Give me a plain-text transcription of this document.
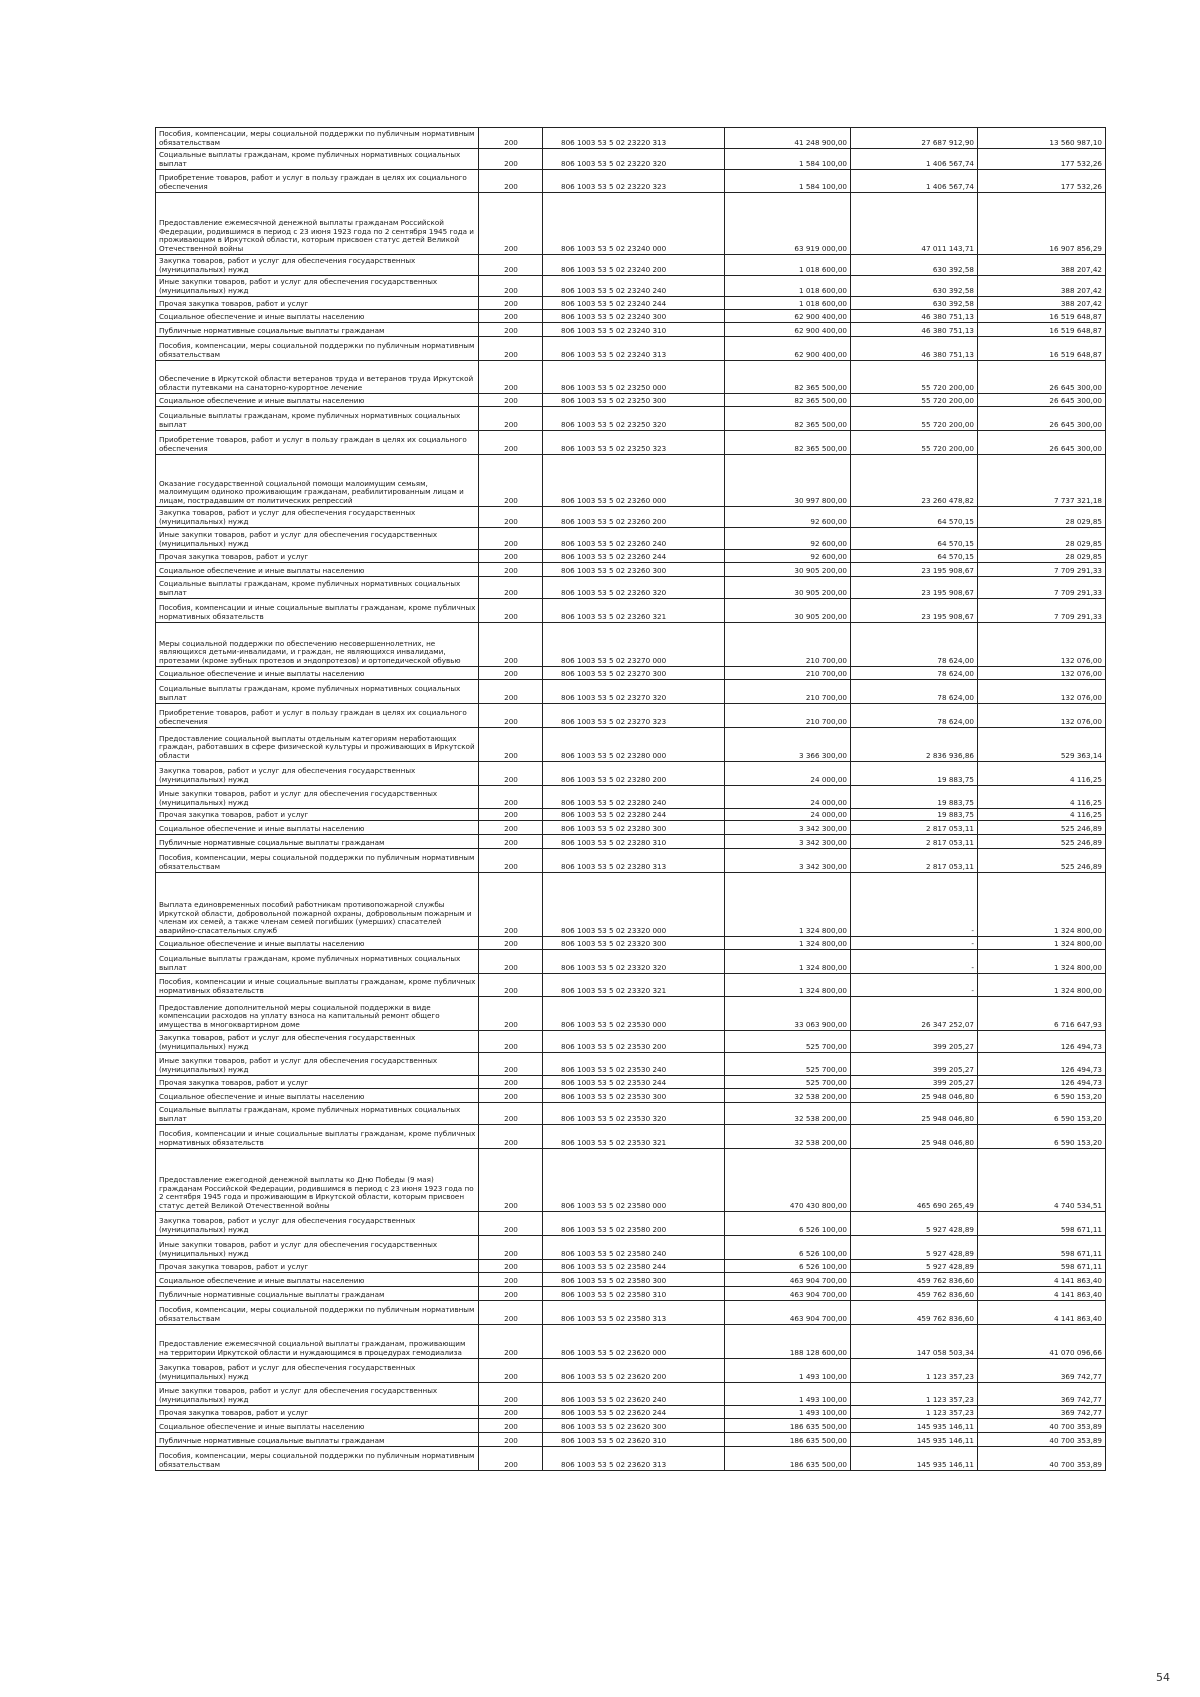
Пособия, компенсации, меры социальной поддержки по публичным нормативным обязательствам	200	806 1003 53 5 02 23220 313	41 248 900,00	27 687 912,90	13 560 987,10
Социальные выплаты гражданам, кроме публичных нормативных социальных выплат	200	806 1003 53 5 02 23220 320	1 584 100,00	1 406 567,74	177 532,26
Приобретение товаров, работ и услуг в пользу граждан в целях их социального обеспечения	200	806 1003 53 5 02 23220 323	1 584 100,00	1 406 567,74	177 532,26
Предоставление ежемесячной денежной выплаты гражданам Российской Федерации, родившимся в период с 23 июня 1923 года по 2 сентября 1945 года и проживающим в Иркутской области, которым присвоен статус детей Великой Отечественной войны	200	806 1003 53 5 02 23240 000	63 919 000,00	47 011 143,71	16 907 856,29
Закупка товаров, работ и услуг для обеспечения государственных (муниципальных) нужд	200	806 1003 53 5 02 23240 200	1 018 600,00	630 392,58	388 207,42
Иные закупки товаров, работ и услуг для обеспечения государственных (муниципальных) нужд	200	806 1003 53 5 02 23240 240	1 018 600,00	630 392,58	388 207,42
Прочая закупка товаров, работ и услуг	200	806 1003 53 5 02 23240 244	1 018 600,00	630 392,58	388 207,42
Социальное обеспечение и иные выплаты населению	200	806 1003 53 5 02 23240 300	62 900 400,00	46 380 751,13	16 519 648,87
Публичные нормативные социальные выплаты гражданам	200	806 1003 53 5 02 23240 310	62 900 400,00	46 380 751,13	16 519 648,87
Пособия, компенсации, меры социальной поддержки по публичным нормативным обязательствам	200	806 1003 53 5 02 23240 313	62 900 400,00	46 380 751,13	16 519 648,87
Обеспечение в Иркутской области ветеранов труда и ветеранов труда Иркутской области путевками на санаторно-курортное лечение	200	806 1003 53 5 02 23250 000	82 365 500,00	55 720 200,00	26 645 300,00
Социальное обеспечение и иные выплаты населению	200	806 1003 53 5 02 23250 300	82 365 500,00	55 720 200,00	26 645 300,00
Социальные выплаты гражданам, кроме публичных нормативных социальных выплат	200	806 1003 53 5 02 23250 320	82 365 500,00	55 720 200,00	26 645 300,00
Приобретение товаров, работ и услуг в пользу граждан в целях их социального обеспечения	200	806 1003 53 5 02 23250 323	82 365 500,00	55 720 200,00	26 645 300,00
Оказание государственной социальной помощи малоимущим семьям, малоимущим одиноко проживающим гражданам, реабилитированным лицам и лицам, пострадавшим от политических репрессий	200	806 1003 53 5 02 23260 000	30 997 800,00	23 260 478,82	7 737 321,18
Закупка товаров, работ и услуг для обеспечения государственных (муниципальных) нужд	200	806 1003 53 5 02 23260 200	92 600,00	64 570,15	28 029,85
Иные закупки товаров, работ и услуг для обеспечения государственных (муниципальных) нужд	200	806 1003 53 5 02 23260 240	92 600,00	64 570,15	28 029,85
Прочая закупка товаров, работ и услуг	200	806 1003 53 5 02 23260 244	92 600,00	64 570,15	28 029,85
Социальное обеспечение и иные выплаты населению	200	806 1003 53 5 02 23260 300	30 905 200,00	23 195 908,67	7 709 291,33
Социальные выплаты гражданам, кроме публичных нормативных социальных выплат	200	806 1003 53 5 02 23260 320	30 905 200,00	23 195 908,67	7 709 291,33
Пособия, компенсации и иные социальные выплаты гражданам, кроме публичных нормативных обязательств	200	806 1003 53 5 02 23260 321	30 905 200,00	23 195 908,67	7 709 291,33
Меры социальной поддержки по обеспечению несовершеннолетних, не являющихся детьми-инвалидами, и граждан, не являющихся инвалидами, протезами (кроме зубных протезов и эндопротезов) и ортопедической обувью	200	806 1003 53 5 02 23270 000	210 700,00	78 624,00	132 076,00
Социальное обеспечение и иные выплаты населению	200	806 1003 53 5 02 23270 300	210 700,00	78 624,00	132 076,00
Социальные выплаты гражданам, кроме публичных нормативных социальных выплат	200	806 1003 53 5 02 23270 320	210 700,00	78 624,00	132 076,00
Приобретение товаров, работ и услуг в пользу граждан в целях их социального обеспечения	200	806 1003 53 5 02 23270 323	210 700,00	78 624,00	132 076,00
Предоставление социальной выплаты отдельным категориям неработающих граждан, работавших в сфере физической культуры и проживающих в Иркутской области	200	806 1003 53 5 02 23280 000	3 366 300,00	2 836 936,86	529 363,14
Закупка товаров, работ и услуг для обеспечения государственных (муниципальных) нужд	200	806 1003 53 5 02 23280 200	24 000,00	19 883,75	4 116,25
Иные закупки товаров, работ и услуг для обеспечения государственных (муниципальных) нужд	200	806 1003 53 5 02 23280 240	24 000,00	19 883,75	4 116,25
Прочая закупка товаров, работ и услуг	200	806 1003 53 5 02 23280 244	24 000,00	19 883,75	4 116,25
Социальное обеспечение и иные выплаты населению	200	806 1003 53 5 02 23280 300	3 342 300,00	2 817 053,11	525 246,89
Публичные нормативные социальные выплаты гражданам	200	806 1003 53 5 02 23280 310	3 342 300,00	2 817 053,11	525 246,89
Пособия, компенсации, меры социальной поддержки по публичным нормативным обязательствам	200	806 1003 53 5 02 23280 313	3 342 300,00	2 817 053,11	525 246,89
Выплата единовременных пособий работникам противопожарной службы Иркутской области, добровольной пожарной охраны, добровольным пожарным и членам их семей, а также членам семей погибших (умерших) спасателей аварийно-спасательных служб	200	806 1003 53 5 02 23320 000	1 324 800,00	-	1 324 800,00
Социальное обеспечение и иные выплаты населению	200	806 1003 53 5 02 23320 300	1 324 800,00	-	1 324 800,00
Социальные выплаты гражданам, кроме публичных нормативных социальных выплат	200	806 1003 53 5 02 23320 320	1 324 800,00	-	1 324 800,00
Пособия, компенсации и иные социальные выплаты гражданам, кроме публичных нормативных обязательств	200	806 1003 53 5 02 23320 321	1 324 800,00	-	1 324 800,00
Предоставление дополнительной меры социальной поддержки в виде компенсации расходов на уплату взноса на капитальный ремонт общего имущества в многоквартирном доме	200	806 1003 53 5 02 23530 000	33 063 900,00	26 347 252,07	6 716 647,93
Закупка товаров, работ и услуг для обеспечения государственных (муниципальных) нужд	200	806 1003 53 5 02 23530 200	525 700,00	399 205,27	126 494,73
Иные закупки товаров, работ и услуг для обеспечения государственных (муниципальных) нужд	200	806 1003 53 5 02 23530 240	525 700,00	399 205,27	126 494,73
Прочая закупка товаров, работ и услуг	200	806 1003 53 5 02 23530 244	525 700,00	399 205,27	126 494,73
Социальное обеспечение и иные выплаты населению	200	806 1003 53 5 02 23530 300	32 538 200,00	25 948 046,80	6 590 153,20
Социальные выплаты гражданам, кроме публичных нормативных социальных выплат	200	806 1003 53 5 02 23530 320	32 538 200,00	25 948 046,80	6 590 153,20
Пособия, компенсации и иные социальные выплаты гражданам, кроме публичных нормативных обязательств	200	806 1003 53 5 02 23530 321	32 538 200,00	25 948 046,80	6 590 153,20
Предоставление ежегодной денежной выплаты ко Дню Победы (9 мая) гражданам Российской Федерации, родившимся в период с 23 июня 1923 года по 2 сентября 1945 года и проживающим в Иркутской области, которым присвоен статус детей Великой Отечественной войны	200	806 1003 53 5 02 23580 000	470 430 800,00	465 690 265,49	4 740 534,51
Закупка товаров, работ и услуг для обеспечения государственных (муниципальных) нужд	200	806 1003 53 5 02 23580 200	6 526 100,00	5 927 428,89	598 671,11
Иные закупки товаров, работ и услуг для обеспечения государственных (муниципальных) нужд	200	806 1003 53 5 02 23580 240	6 526 100,00	5 927 428,89	598 671,11
Прочая закупка товаров, работ и услуг	200	806 1003 53 5 02 23580 244	6 526 100,00	5 927 428,89	598 671,11
Социальное обеспечение и иные выплаты населению	200	806 1003 53 5 02 23580 300	463 904 700,00	459 762 836,60	4 141 863,40
Публичные нормативные социальные выплаты гражданам	200	806 1003 53 5 02 23580 310	463 904 700,00	459 762 836,60	4 141 863,40
Пособия, компенсации, меры социальной поддержки по публичным нормативным обязательствам	200	806 1003 53 5 02 23580 313	463 904 700,00	459 762 836,60	4 141 863,40
Предоставление ежемесячной социальной выплаты гражданам, проживающим на территории Иркутской области и нуждающимся в процедурах гемодиализа	200	806 1003 53 5 02 23620 000	188 128 600,00	147 058 503,34	41 070 096,66
Закупка товаров, работ и услуг для обеспечения государственных (муниципальных) нужд	200	806 1003 53 5 02 23620 200	1 493 100,00	1 123 357,23	369 742,77
Иные закупки товаров, работ и услуг для обеспечения государственных (муниципальных) нужд	200	806 1003 53 5 02 23620 240	1 493 100,00	1 123 357,23	369 742,77
Прочая закупка товаров, работ и услуг	200	806 1003 53 5 02 23620 244	1 493 100,00	1 123 357,23	369 742,77
Социальное обеспечение и иные выплаты населению	200	806 1003 53 5 02 23620 300	186 635 500,00	145 935 146,11	40 700 353,89
Публичные нормативные социальные выплаты гражданам	200	806 1003 53 5 02 23620 310	186 635 500,00	145 935 146,11	40 700 353,89
Пособия, компенсации, меры социальной поддержки по публичным нормативным обязательствам	200	806 1003 53 5 02 23620 313	186 635 500,00	145 935 146,11	40 700 353,89
54
